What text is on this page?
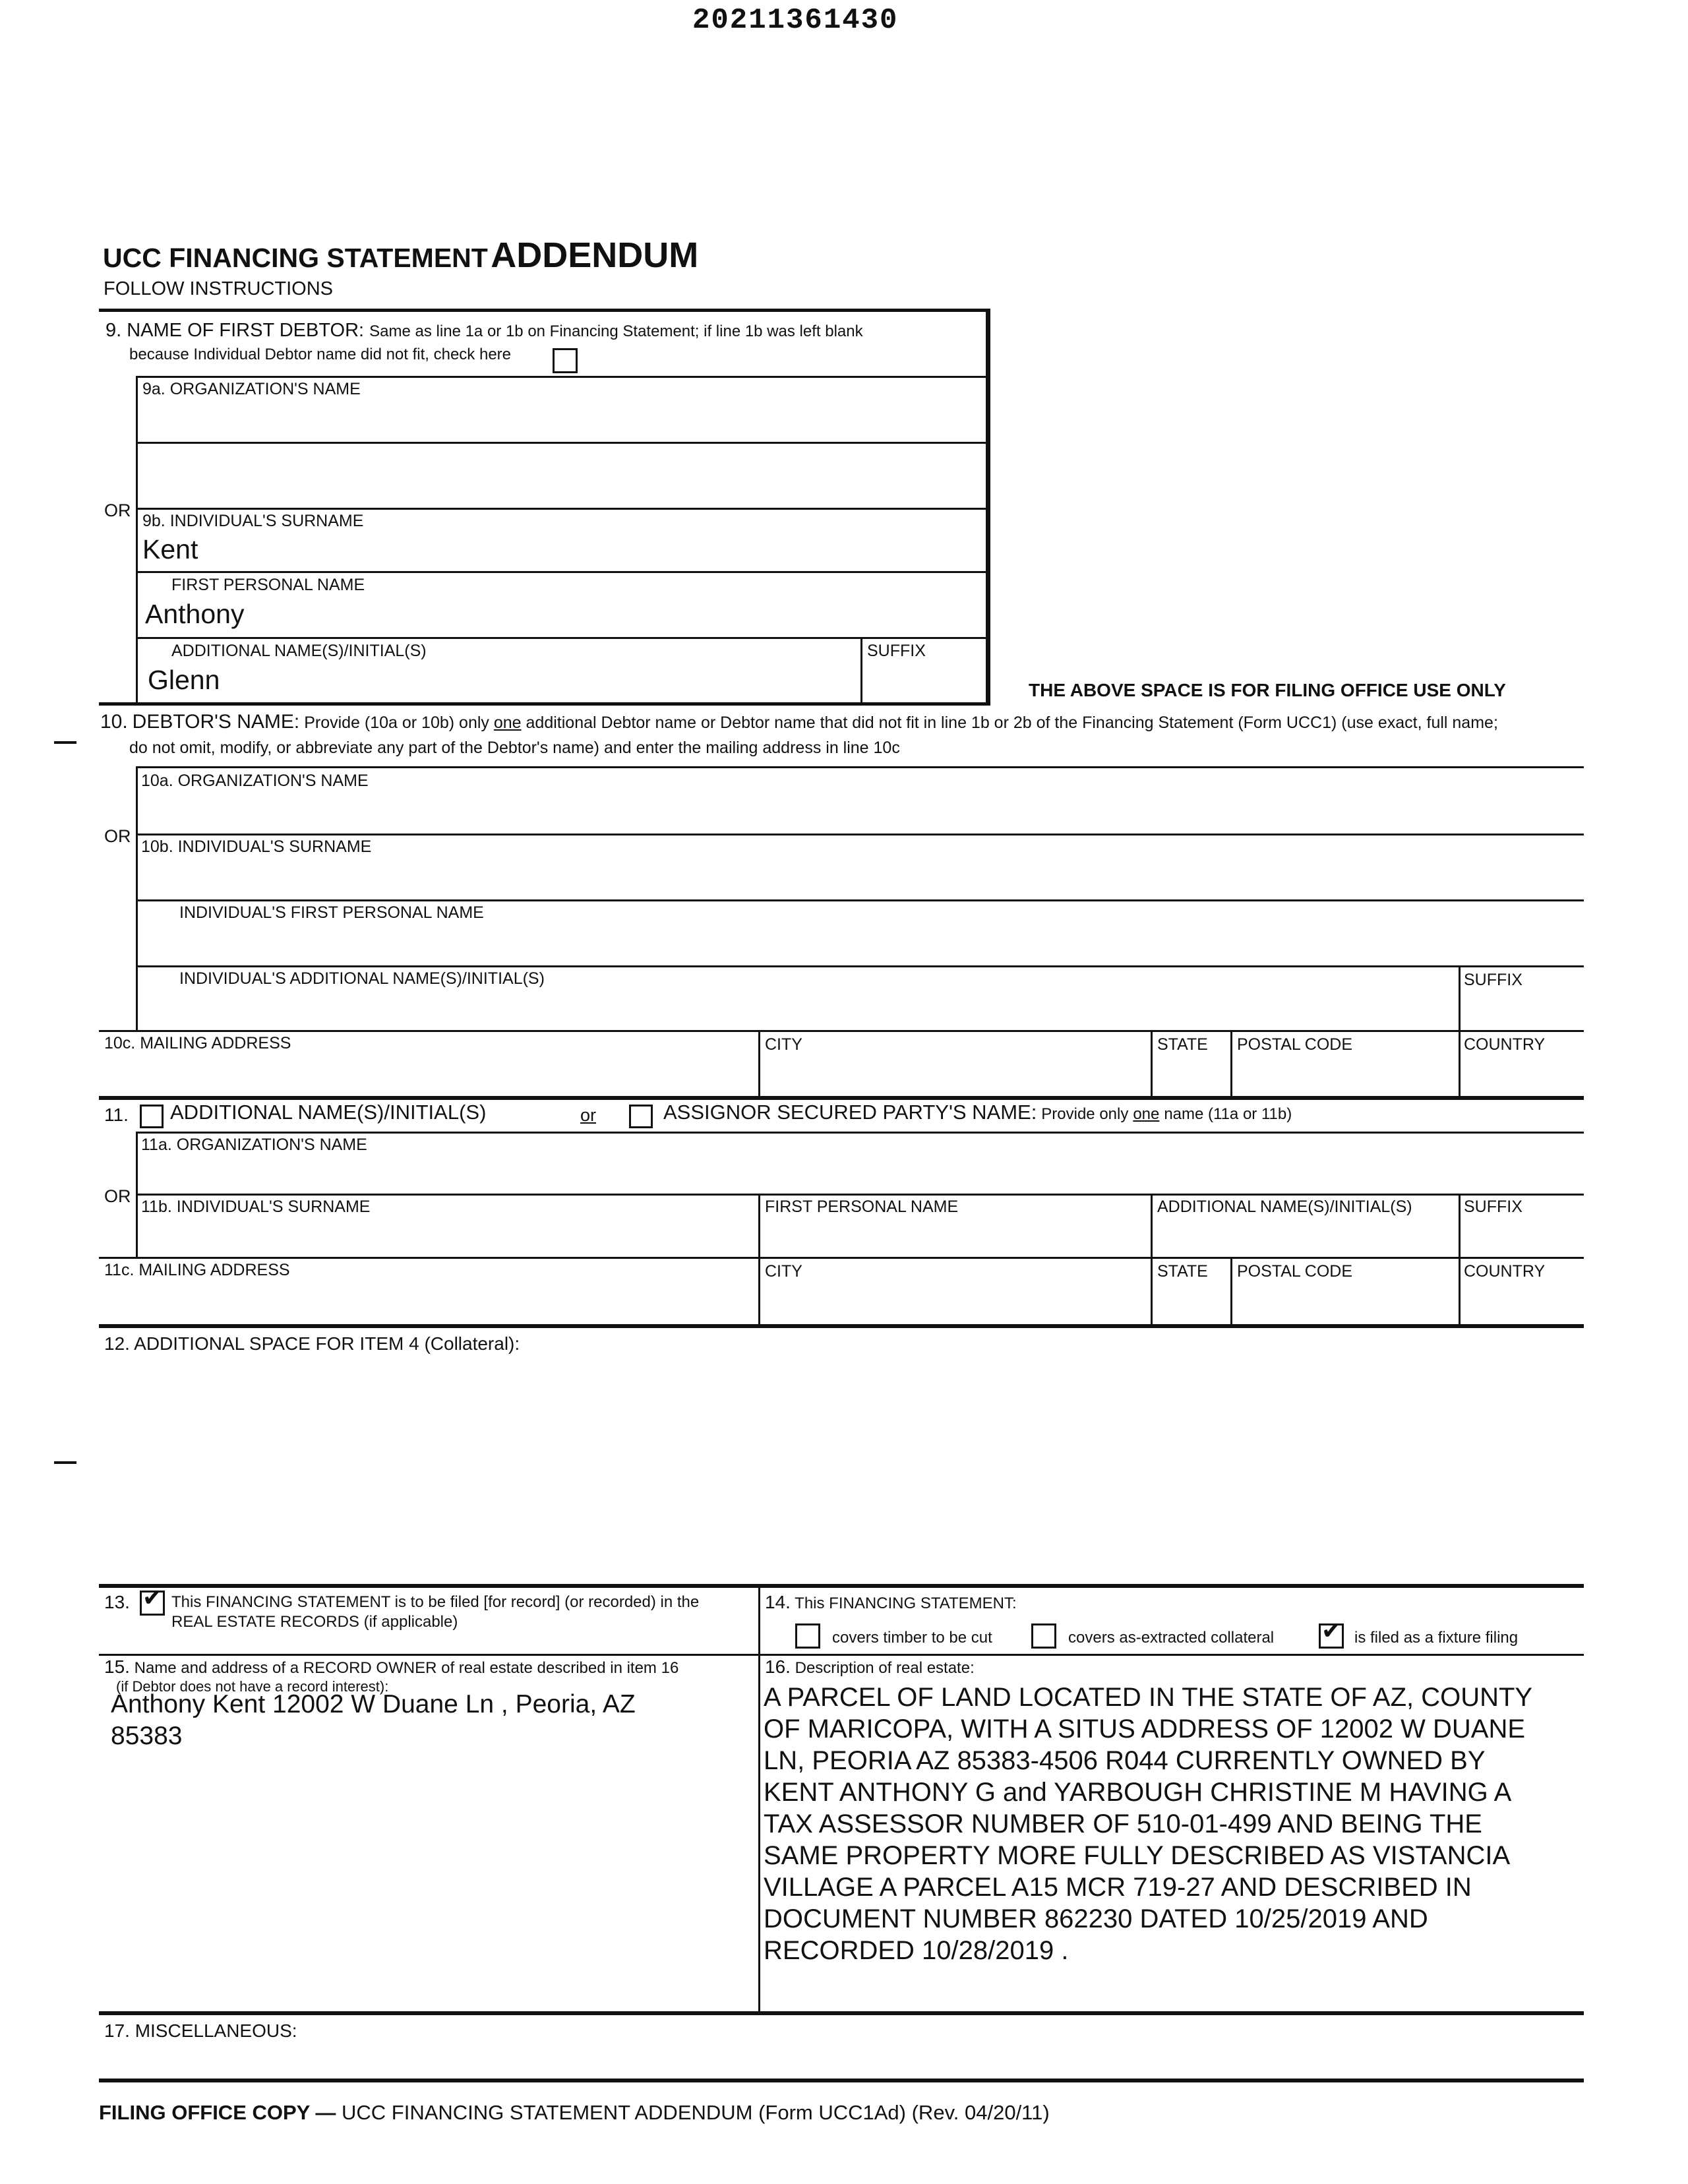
20211361430
UCC FINANCING STATEMENT ADDENDUM
FOLLOW INSTRUCTIONS
9. NAME OF FIRST DEBTOR: Same as line 1a or 1b on Financing Statement; if line 1b was left blank
because Individual Debtor name did not fit, check here
9a. ORGANIZATION'S NAME
OR
9b. INDIVIDUAL'S SURNAME
Kent
FIRST PERSONAL NAME
Anthony
ADDITIONAL NAME(S)/INITIAL(S)
Glenn
SUFFIX
THE ABOVE SPACE IS FOR FILING OFFICE USE ONLY
10. DEBTOR'S NAME: Provide (10a or 10b) only one additional Debtor name or Debtor name that did not fit in line 1b or 2b of the Financing Statement (Form UCC1) (use exact, full name;
do not omit, modify, or abbreviate any part of the Debtor's name) and enter the mailing address in line 10c
10a. ORGANIZATION'S NAME
OR
10b. INDIVIDUAL'S SURNAME
INDIVIDUAL'S FIRST PERSONAL NAME
INDIVIDUAL'S ADDITIONAL NAME(S)/INITIAL(S)	SUFFIX
10c. MAILING ADDRESS	CITY	STATE POSTAL CODE	COUNTRY
11. ADDITIONAL NAME(S)/INITIAL(S)	or	ASSIGNOR SECURED PARTY'S NAME: Provide only one name (11a or 11b)
11a. ORGANIZATION'S NAME
OR
11b. INDIVIDUAL'S SURNAME	FIRST PERSONAL NAME	ADDITIONAL NAME(S)/INITIAL(S)	SUFFIX
11c. MAILING ADDRESS	CITY	STATE POSTAL CODE	COUNTRY
12. ADDITIONAL SPACE FOR ITEM 4 (Collateral):
13. ✔ This FINANCING STATEMENT is to be filed [for record] (or recorded) in the
REAL ESTATE RECORDS (if applicable)
14. This FINANCING STATEMENT:
covers timber to be cut	covers as-extracted collateral ✔ is filed as a fixture filing
15. Name and address of a RECORD OWNER of real estate described in item 16
(if Debtor does not have a record interest):
Anthony Kent 12002 W Duane Ln , Peoria, AZ
85383
16. Description of real estate:
A PARCEL OF LAND LOCATED IN THE STATE OF AZ, COUNTY
OF MARICOPA, WITH A SITUS ADDRESS OF 12002 W DUANE
LN, PEORIA AZ 85383-4506 R044 CURRENTLY OWNED BY
KENT ANTHONY G and YARBOUGH CHRISTINE M HAVING A
TAX ASSESSOR NUMBER OF 510-01-499 AND BEING THE
SAME PROPERTY MORE FULLY DESCRIBED AS VISTANCIA
VILLAGE A PARCEL A15 MCR 719-27 AND DESCRIBED IN
DOCUMENT NUMBER 862230 DATED 10/25/2019 AND
RECORDED 10/28/2019 .
17. MISCELLANEOUS:
FILING OFFICE COPY — UCC FINANCING STATEMENT ADDENDUM (Form UCC1Ad) (Rev. 04/20/11)
